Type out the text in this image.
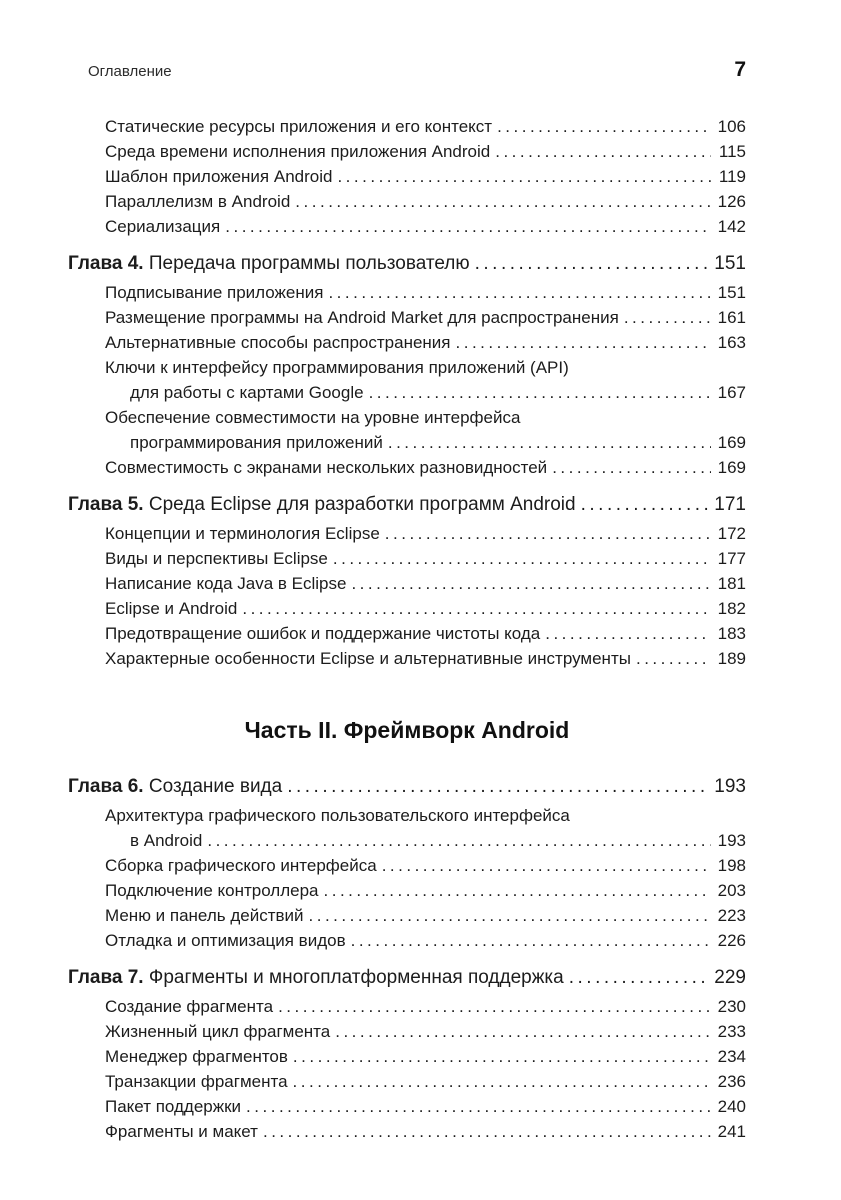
Оглавление	7
Статические ресурсы приложения и его контекст .....	106
Среда времени исполнения приложения Android .....	115
Шаблон приложения Android .....	119
Параллелизм в Android .....	126
Сериализация .....	142
Глава 4. Передача программы пользователю .....	151
Подписывание приложения .....	151
Размещение программы на Android Market для распространения .....	161
Альтернативные способы распространения .....	163
Ключи к интерфейсу программирования приложений (API)
для работы с картами Google .....	167
Обеспечение совместимости на уровне интерфейса
программирования приложений .....	169
Совместимость с экранами нескольких разновидностей .....	169
Глава 5. Среда Eclipse для разработки программ Android .....	171
Концепции и терминология Eclipse .....	172
Виды и перспективы Eclipse .....	177
Написание кода Java в Eclipse .....	181
Eclipse и Android .....	182
Предотвращение ошибок и поддержание чистоты кода .....	183
Характерные особенности Eclipse и альтернативные инструменты .....	189
Часть II. Фреймворк Android
Глава 6. Создание вида .....	193
Архитектура графического пользовательского интерфейса
в Android .....	193
Сборка графического интерфейса .....	198
Подключение контроллера .....	203
Меню и панель действий .....	223
Отладка и оптимизация видов .....	226
Глава 7. Фрагменты и многоплатформенная поддержка .....	229
Создание фрагмента .....	230
Жизненный цикл фрагмента .....	233
Менеджер фрагментов .....	234
Транзакции фрагмента .....	236
Пакет поддержки .....	240
Фрагменты и макет .....	241
